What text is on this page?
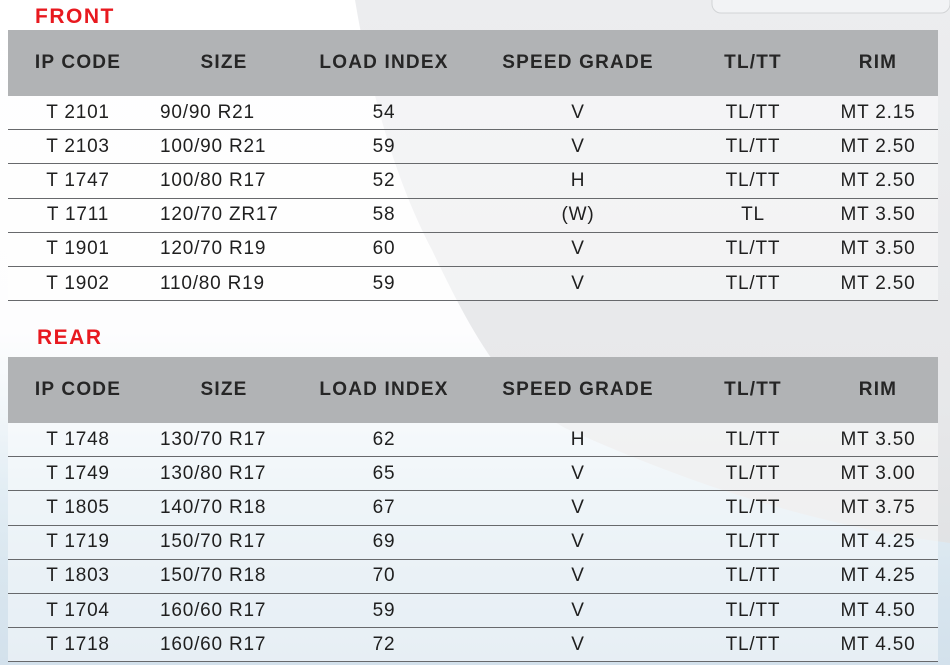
FRONT
IP CODE	SIZE	LOAD INDEX	SPEED GRADE	TL/TT	RIM
T 2101	90/90 R21	54	V	TL/TT	MT 2.15
T 2103	100/90 R21	59	V	TL/TT	MT 2.50
T 1747	100/80 R17	52	H	TL/TT	MT 2.50
T 1711	120/70 ZR17	58	(W)	TL	MT 3.50
T 1901	120/70 R19	60	V	TL/TT	MT 3.50
T 1902	110/80 R19	59	V	TL/TT	MT 2.50
REAR
IP CODE	SIZE	LOAD INDEX	SPEED GRADE	TL/TT	RIM
T 1748	130/70 R17	62	H	TL/TT	MT 3.50
T 1749	130/80 R17	65	V	TL/TT	MT 3.00
T 1805	140/70 R18	67	V	TL/TT	MT 3.75
T 1719	150/70 R17	69	V	TL/TT	MT 4.25
T 1803	150/70 R18	70	V	TL/TT	MT 4.25
T 1704	160/60 R17	59	V	TL/TT	MT 4.50
T 1718	160/60 R17	72	V	TL/TT	MT 4.50
